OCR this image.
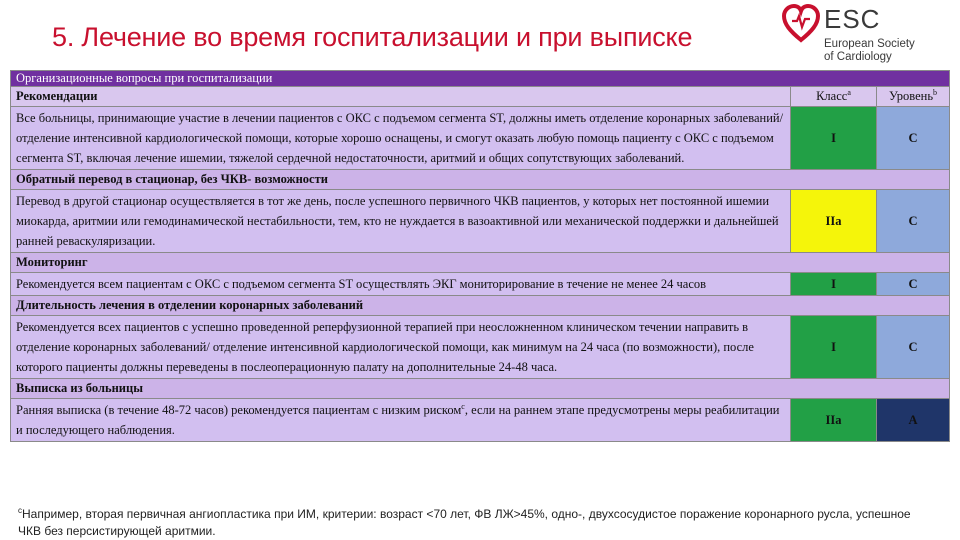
5. Лечение во время госпитализации и при выписке
ESC
European Society
of Cardiology
Организационные вопросы при госпитализации		
Рекомендации	Класс$^a$	Уровень$^b$
Все больницы, принимающие участие в лечении пациентов с ОКС с подъемом сегмента ST, должны иметь отделение коронарных заболеваний/ отделение интенсивной кардиологической помощи, которые хорошо оснащены, и смогут оказать любую помощь пациенту с ОКС с подъемом сегмента ST, включая лечение ишемии, тяжелой сердечной недостаточности, аритмий и общих сопутствующих заболеваний.	I	C
Обратный перевод в стационар, без ЧКВ- возможности		
Перевод в другой стационар осуществляется в тот же день, после успешного первичного ЧКВ пациентов, у которых нет постоянной ишемии миокарда, аритмии или гемодинамической нестабильности, тем, кто не нуждается в вазоактивной или механической поддержки и дальнейшей ранней реваскуляризации.	IIa	C
Мониторинг		
Рекомендуется всем пациентам с ОКС с подъемом сегмента ST осуществлять ЭКГ мониторирование в течение не менее 24 часов	I	C
Длительность лечения в отделении коронарных заболеваний		
Рекомендуется всех пациентов с успешно проведенной реперфузионной терапией при неосложненном клиническом течении направить в отделение коронарных заболеваний/ отделение интенсивной кардиологической помощи, как минимум на 24 часа (по возможности), после которого пациенты должны переведены в послеоперационную палату на дополнительные 24-48 часа.	I	C
Выписка из больницы		
Ранняя выписка (в течение 48-72 часов) рекомендуется пациентам с низким риском$^c$, если на раннем этапе предусмотрены меры реабилитации и последующего наблюдения.	IIa	A
$^c$Например, вторая первичная ангиопластика при ИМ, критерии: возраст <70 лет, ФВ ЛЖ>45%, одно-, двухсосудистое поражение коронарного русла, успешное ЧКВ без персистирующей аритмии.
